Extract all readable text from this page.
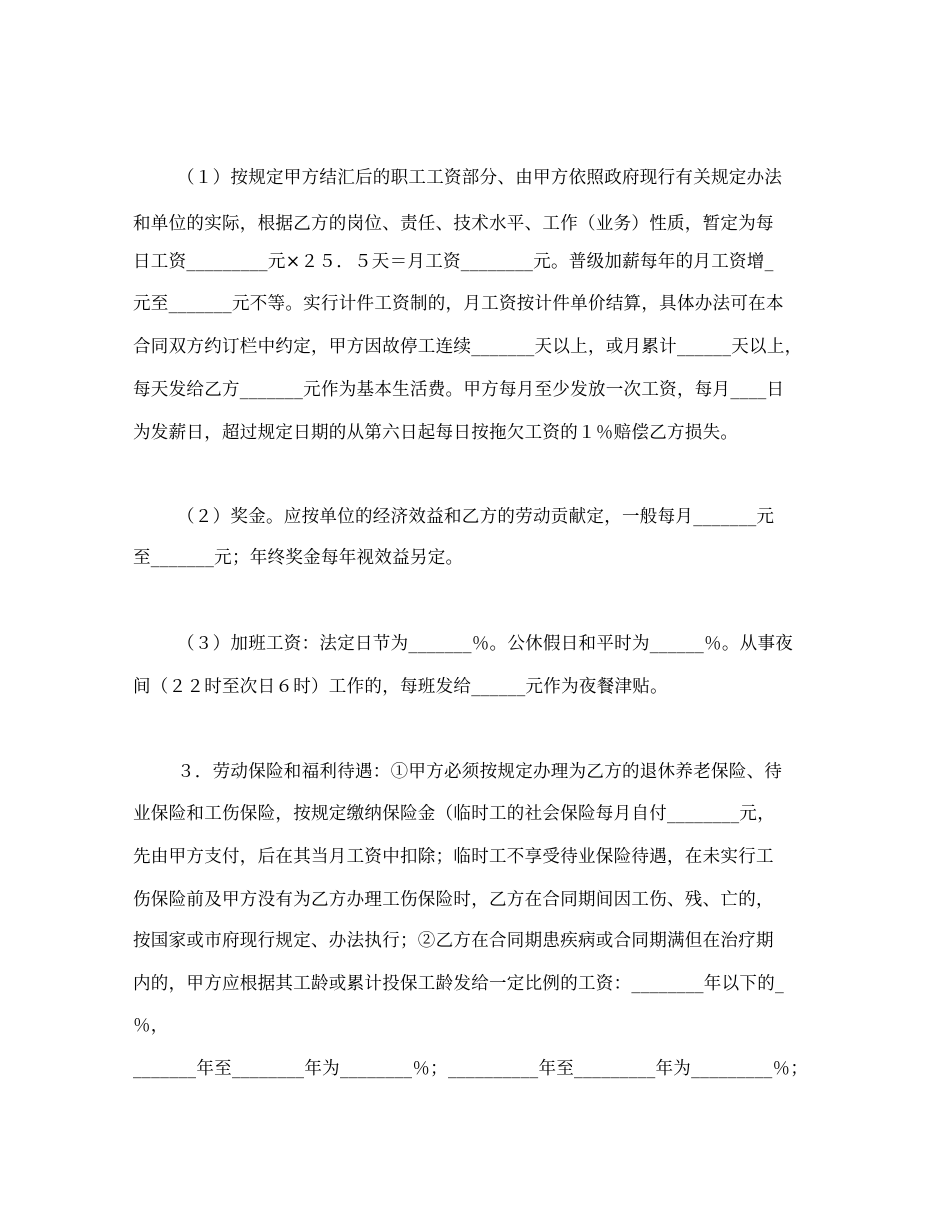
（１）按规定甲方结汇后的职工工资部分、由甲方依照政府现行有关规定办法
和单位的实际，根据乙方的岗位、责任、技术水平、工作（业务）性质，暂定为每
日工资_________元×２５．５天＝月工资________元。普级加薪每年的月工资增_
元至_______元不等。实行计件工资制的，月工资按计件单价结算，具体办法可在本
合同双方约订栏中约定，甲方因故停工连续_______天以上，或月累计______天以上，
每天发给乙方_______元作为基本生活费。甲方每月至少发放一次工资，每月____日
为发薪日，超过规定日期的从第六日起每日按拖欠工资的１％赔偿乙方损失。
（２）奖金。应按单位的经济效益和乙方的劳动贡献定，一般每月_______元
至_______元；年终奖金每年视效益另定。
（３）加班工资：法定日节为_______％。公休假日和平时为______％。从事夜
间（２２时至次日６时）工作的，每班发给______元作为夜餐津贴。
３．劳动保险和福利待遇：①甲方必须按规定办理为乙方的退休养老保险、待
业保险和工伤保险，按规定缴纳保险金（临时工的社会保险每月自付________元，
先由甲方支付，后在其当月工资中扣除；临时工不享受待业保险待遇，在未实行工
伤保险前及甲方没有为乙方办理工伤保险时，乙方在合同期间因工伤、残、亡的，
按国家或市府现行规定、办法执行；②乙方在合同期患疾病或合同期满但在治疗期
内的，甲方应根据其工龄或累计投保工龄发给一定比例的工资：________年以下的_
％，
_______年至________年为________％；__________年至_________年为_________％；
